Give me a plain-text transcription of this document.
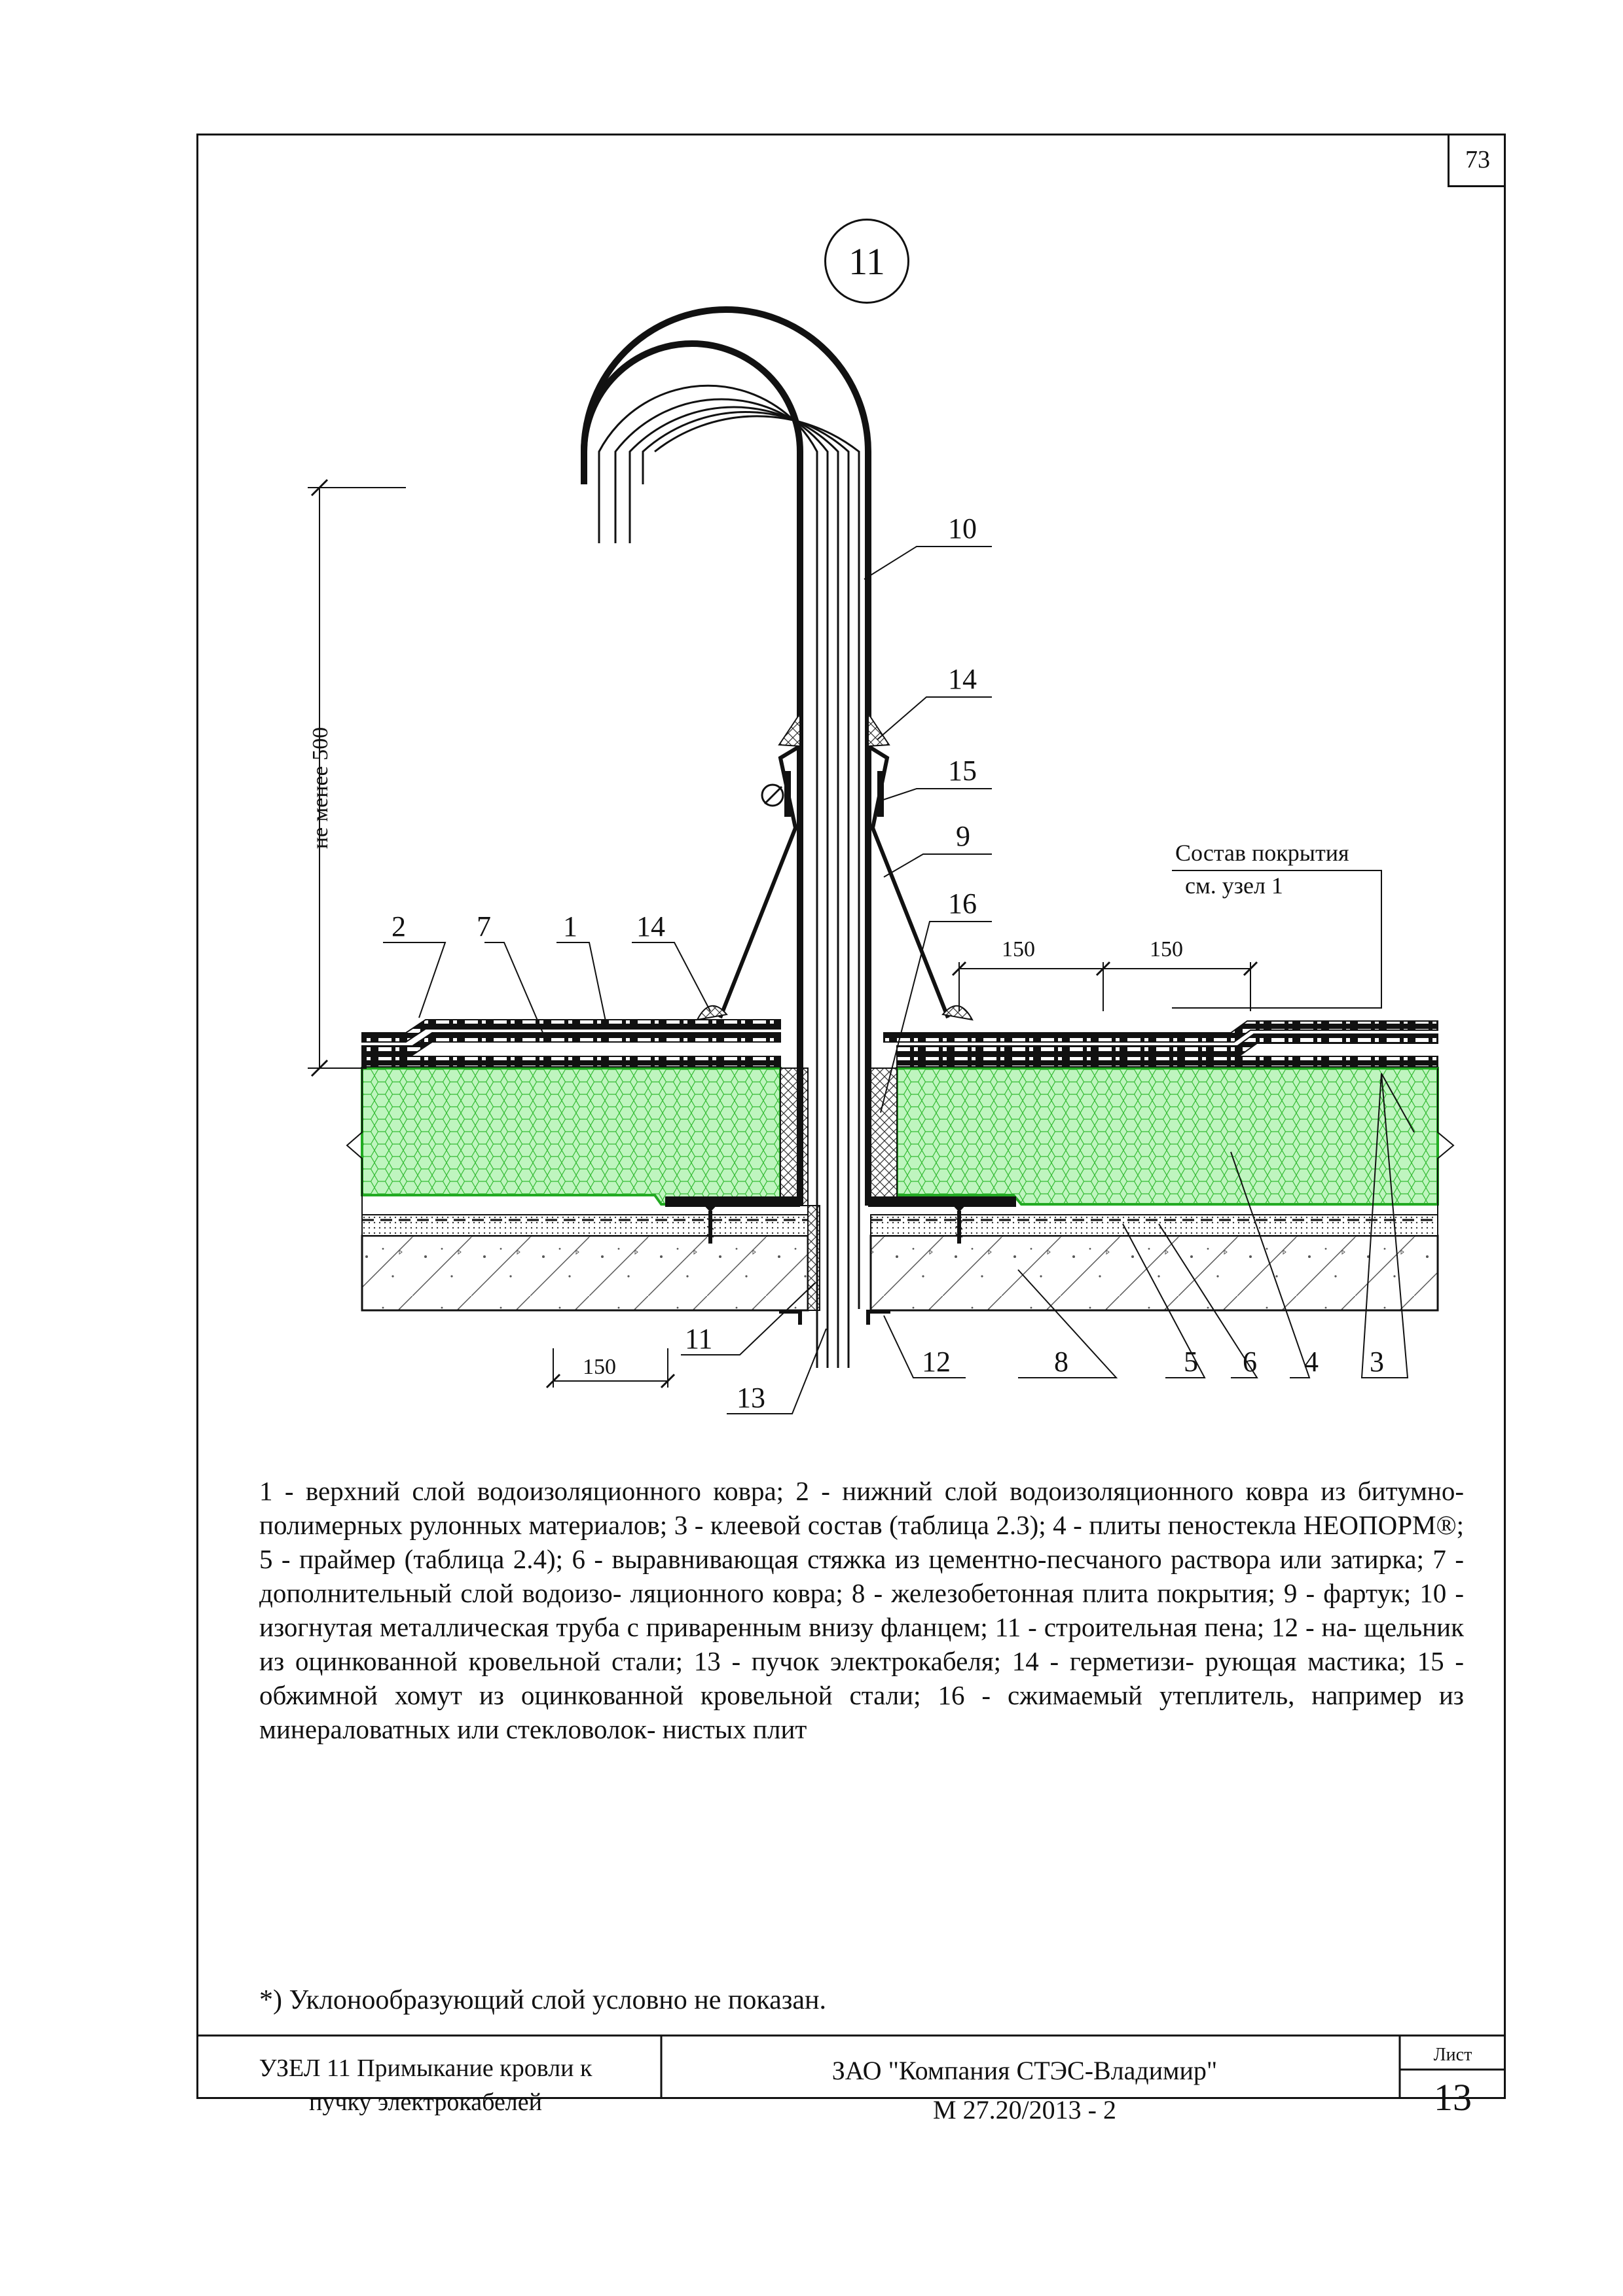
73
11
не менее 500
150	150
150
Состав покрытия
см. узел 1
10
14
15
9
16
2 7	1 14
11
13
12	8	5 6 4 3

1 - верхний слой водоизоляционного ковра; 2 - нижний слой водоизоляционного ковра из битумно-полимерных рулонных материалов; 3 - клеевой состав (таблица 2.3); 4 - плиты пеностекла НЕОПОРМ®; 5 - праймер (таблица 2.4); 6 - выравнивающая стяжка из цементно-песчаного раствора или затирка; 7 - дополнительный слой водоизо- ляционного ковра; 8 - железобетонная плита покрытия; 9 - фартук; 10 - изогнутая металлическая труба с приваренным внизу фланцем; 11 - строительная пена; 12 - на- щельник из оцинкованной кровельной стали; 13 - пучок электрокабеля; 14 - герметизи- рующая мастика; 15 - обжимной хомут из оцинкованной кровельной стали; 16 - сжимаемый утеплитель, например из минераловатных или стекловолок- нистых плит

*) Уклонообразующий слой условно не показан.

УЗЕЛ 11 Примыкание кровли к
пучку электрокабелей
ЗАО "Компания СТЭС-Владимир"
М 27.20/2013 - 2
Лист
13
